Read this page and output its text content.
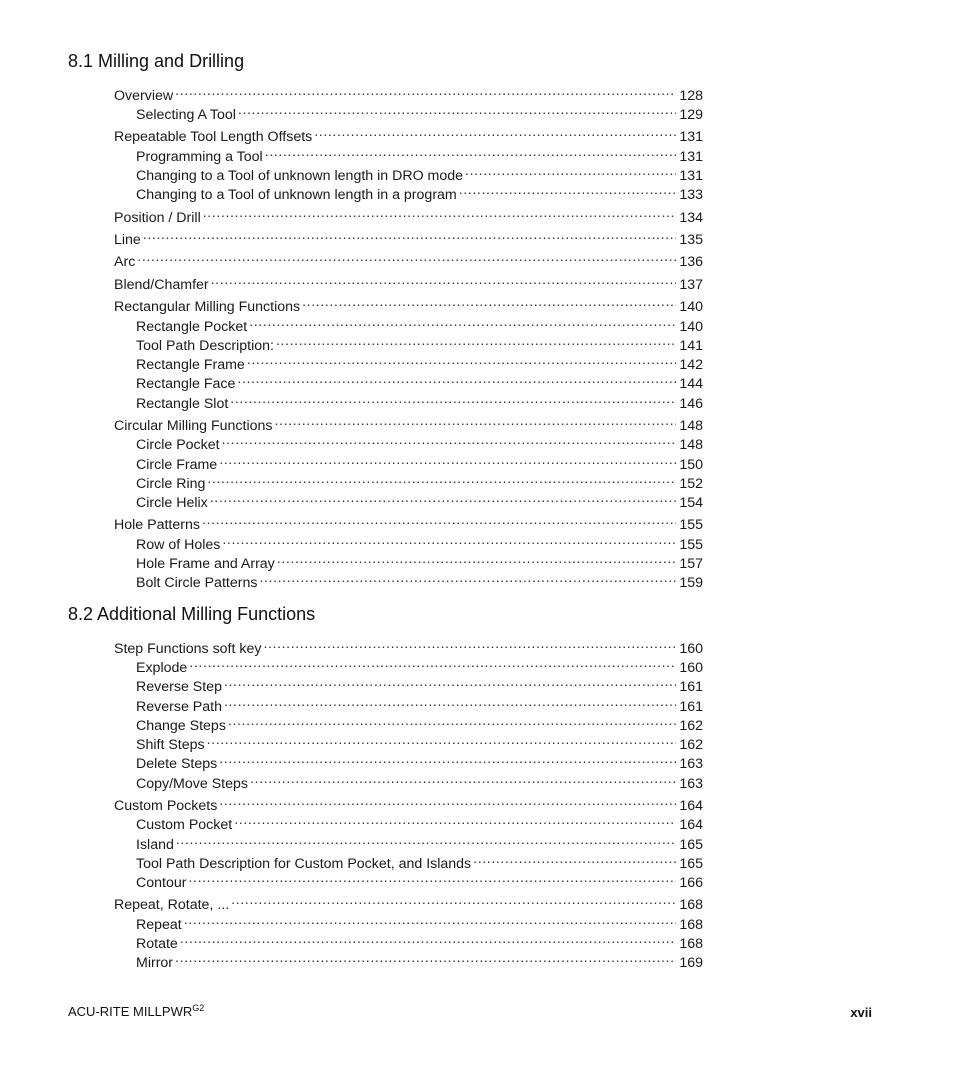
8.1 Milling and Drilling
8.2 Additional Milling Functions
Overview .....	128
Selecting A Tool .....	129
Repeatable Tool Length Offsets .....	131
Programming a Tool .....	131
Changing to a Tool of unknown length in DRO mode .....	131
Changing to a Tool of unknown length in a program .....	133
Position / Drill .....	134
Line .....	135
Arc .....	136
Blend/Chamfer .....	137
Rectangular Milling Functions .....	140
Rectangle Pocket .....	140
Tool Path Description: .....	141
Rectangle Frame .....	142
Rectangle Face .....	144
Rectangle Slot .....	146
Circular Milling Functions .....	148
Circle Pocket .....	148
Circle Frame .....	150
Circle Ring .....	152
Circle Helix .....	154
Hole Patterns .....	155
Row of Holes .....	155
Hole Frame and Array .....	157
Bolt Circle Patterns .....	159
Step Functions soft key .....	160
Explode .....	160
Reverse Step .....	161
Reverse Path .....	161
Change Steps .....	162
Shift Steps .....	162
Delete Steps .....	163
Copy/Move Steps .....	163
Custom Pockets .....	164
Custom Pocket .....	164
Island .....	165
Tool Path Description for Custom Pocket, and Islands .....	165
Contour .....	166
Repeat, Rotate, ... .....	168
Repeat .....	168
Rotate .....	168
Mirror .....	169
ACU-RITE $MILLPWR^{G2}$	xvii
